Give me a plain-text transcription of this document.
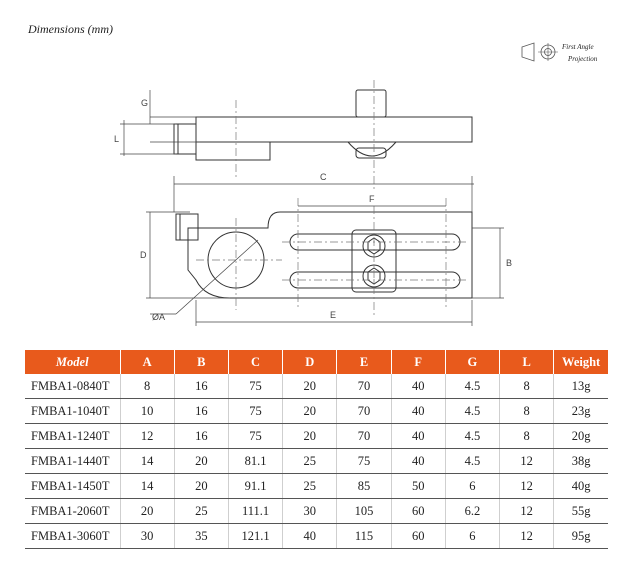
Dimensions (mm)
First Angle
Projection
G
L
C
F
D
B
ØA	E
Model	A	B	C	D	E	F	G	L	Weight
FMBA1-0840T	8	16	75	20	70	40	4.5	8	13g
FMBA1-1040T	10	16	75	20	70	40	4.5	8	23g
FMBA1-1240T	12	16	75	20	70	40	4.5	8	20g
FMBA1-1440T	14	20	81.1	25	75	40	4.5	12	38g
FMBA1-1450T	14	20	91.1	25	85	50	6	12	40g
FMBA1-2060T	20	25	111.1	30	105	60	6.2	12	55g
FMBA1-3060T	30	35	121.1	40	115	60	6	12	95g
